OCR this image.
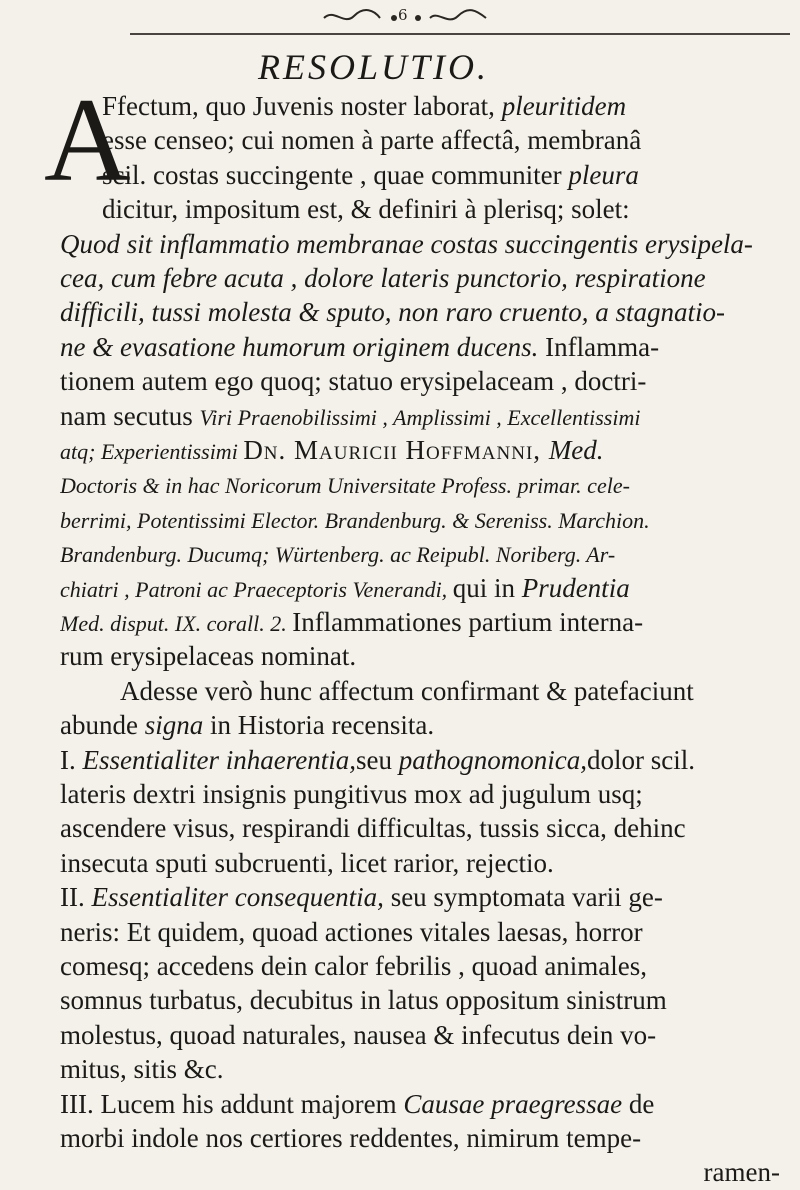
6
RESOLUTIO.
A
Ffectum, quo Juvenis noster laborat, pleuritidem
esse censeo; cui nomen à parte affectâ, membranâ
scil. costas succingente , quae communiter pleura
dicitur, impositum est, & definiri à plerisq; solet:
Quod sit inflammatio membranae costas succingentis erysipela-
cea, cum febre acuta , dolore lateris punctorio, respiratione
difficili, tussi molesta & sputo, non raro cruento, a stagnatio-
ne & evasatione humorum originem ducens. Inflamma-
tionem autem ego quoq; statuo erysipelaceam , doctri-
nam secutus Viri Praenobilissimi , Amplissimi , Excellentissimi
atq; Experientissimi Dn. Mauricii Hoffmanni, Med.
Doctoris & in hac Noricorum Universitate Profess. primar. cele-
berrimi, Potentissimi Elector. Brandenburg. & Sereniss. Marchion.
Brandenburg. Ducumq; Würtenberg. ac Reipubl. Noriberg. Ar-
chiatri , Patroni ac Praeceptoris Venerandi, qui in Prudentia
Med. disput. IX. corall. 2. Inflammationes partium interna-
rum erysipelaceas nominat.
Adesse verò hunc affectum confirmant & patefaciunt
abunde signa in Historia recensita.
I. Essentialiter inhaerentia,seu pathognomonica,dolor scil.
lateris dextri insignis pungitivus mox ad jugulum usq;
ascendere visus, respirandi difficultas, tussis sicca, dehinc
insecuta sputi subcruenti, licet rarior, rejectio.
II. Essentialiter consequentia, seu symptomata varii ge-
neris: Et quidem, quoad actiones vitales laesas, horror
comesq; accedens dein calor febrilis , quoad animales,
somnus turbatus, decubitus in latus oppositum sinistrum
molestus, quoad naturales, nausea & infecutus dein vo-
mitus, sitis &c.
III. Lucem his addunt majorem Causae praegressae de
morbi indole nos certiores reddentes, nimirum tempe-
ramen-
